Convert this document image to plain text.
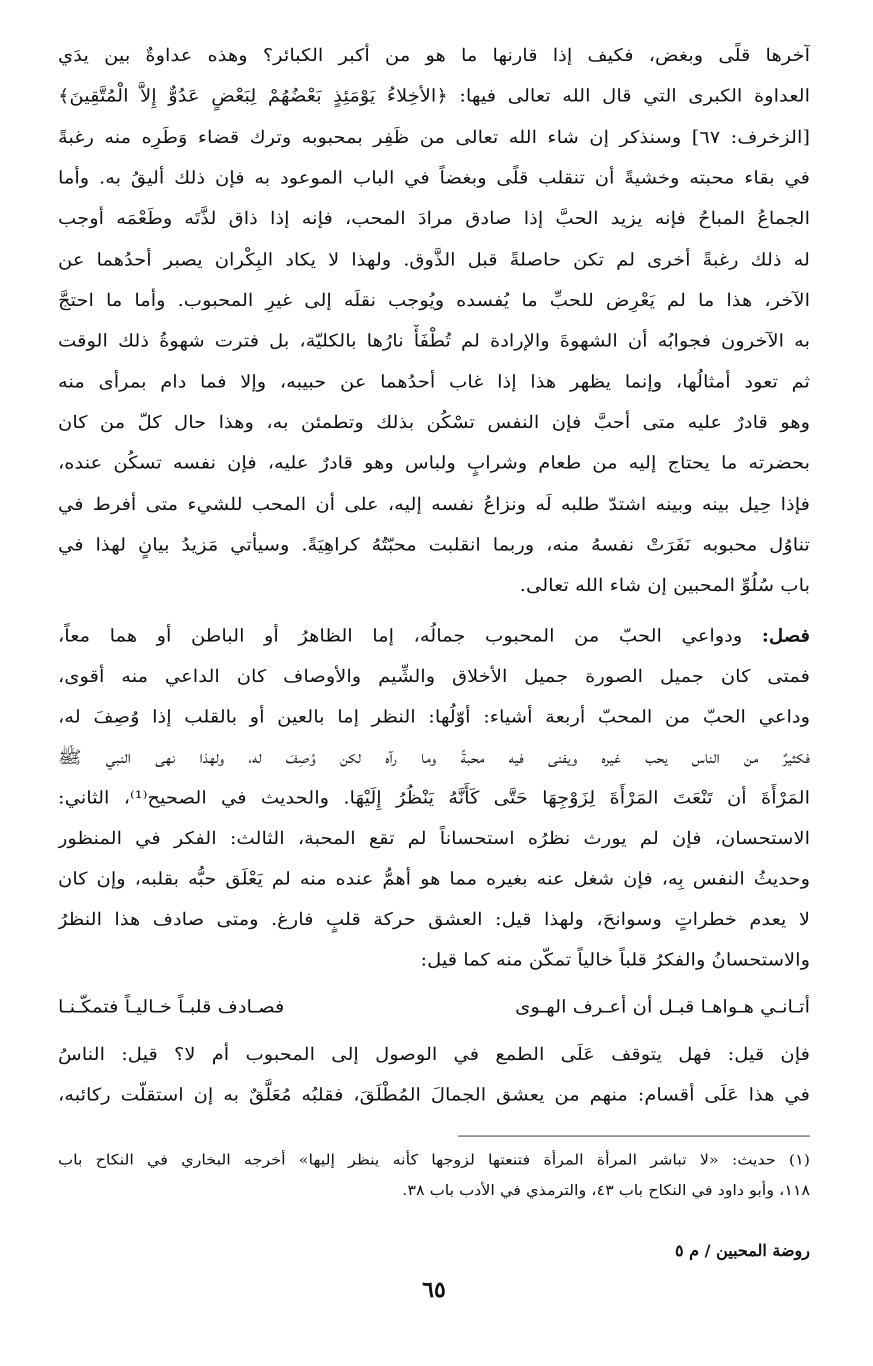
آخرها قلًى وبغض، فكيف إذا قارنها ما هو من أكبر الكبائر؟ وهذه عداوةٌ بين يدَي
العداوة الكبرى التي قال الله تعالى فيها: ﴿الأخِلاءُ يَوْمَئِذٍ بَعْضُهُمْ لِبَعْضٍ عَدُوٌّ إِلاَّ الْمُتَّقِينَ﴾
[الزخرف: ٦٧] وسنذكر إن شاء الله تعالى من ظَفِر بمحبوبه وترك قضاء وَطَرِه منه رغبةً
في بقاء محبته وخشيةً أن تنقلب قلًى وبغضاً في الباب الموعود به فإن ذلك أليقُ به. وأما
الجماعُ المباحُ فإنه يزيد الحبَّ إذا صادق مرادَ المحب، فإنه إذا ذاق لذَّتَه وطَعْمَه أوجب
له ذلك رغبةً أخرى لم تكن حاصلةً قبل الذَّوق. ولهذا لا يكاد البِكْران يصبر أحدُهما عن
الآخر، هذا ما لم يَعْرِض للحبِّ ما يُفسده ويُوجب نقلَه إلى غيرِ المحبوب. وأما ما احتجَّ
به الآخرون فجوابُه أن الشهوةَ والإرادة لم تُطْفَأْ نارُها بالكليّة، بل فترت شهوةُ ذلك الوقت
ثم تعود أمثالُها، وإنما يظهر هذا إذا غاب أحدُهما عن حبيبه، وإلا فما دام بمرأى منه
وهو قادرٌ عليه متى أحبَّ فإن النفس تسْكُن بذلك وتطمئن به، وهذا حال كلّ من كان
بحضرته ما يحتاج إليه من طعام وشرابٍ ولباس وهو قادرٌ عليه، فإن نفسه تسكُن عنده،
فإذا حِيل بينه وبينه اشتدّ طلبه لَه ونزاعُ نفسه إليه، على أن المحب للشيء متى أفرط في
تناوُل محبوبه نَفَرَتْ نفسهُ منه، وربما انقلبت محبّتُهُ كراهِيَةً. وسيأتي مَزيدُ بيانٍ لهذا في
باب سُلُوِّ المحبين إن شاء الله تعالى.
فصل: ودواعي الحبّ من المحبوب جمالُه، إما الظاهرُ أو الباطن أو هما معاً،
فمتى كان جميل الصورة جميل الأخلاق والشِّيم والأوصاف كان الداعي منه أقوى،
وداعي الحبّ من المحبّ أربعة أشياء: أوّلُها: النظر إما بالعين أو بالقلب إذا وُصِفَ له،
فكثيرٌ من الناس يحب غيره ويفنى فيه محبةً وما رآه لكن وُصِفَ له، ولهذا نهى النبي ﷺ
المَرْأَةَ أن تَنْعَتَ المَرْأَةَ لِزَوْجِهَا حَتَّى كَأَنَّهُ يَنْظُرُ إِلَيْهَا. والحديث في الصحيح⁽¹⁾، الثاني:
الاستحسان، فإن لم يورث نظرُه استحساناً لم تقع المحبة، الثالث: الفكر في المنظور
وحديثُ النفس بِه، فإن شغل عنه بغيره مما هو أهمُّ عنده منه لم يَعْلَق حبُّه بقلبه، وإن كان
لا يعدم خطراتٍ وسوانحَ، ولهذا قيل: العشق حركة قلبٍ فارغ. ومتى صادف هذا النظرُ
والاستحسانُ والفكرُ قلباً خالياً تمكّن منه كما قيل:
أتـانـي هـواهـا قبـل أن أعـرف الهـوى
فصـادف قلبـاً خـاليـاً فتمكّـنـا
فإن قيل: فهل يتوقف عَلَى الطمع في الوصول إلى المحبوب أم لا؟ قيل: الناسُ
في هذا عَلَى أقسام: منهم من يعشق الجمالَ المُطْلَقَ، فقلبُه مُعَلَّقٌ به إن استقلّت ركائبه،
(١) حديث: «لا تباشر المرأة المرأة فتنعتها لزوجها كأنه ينظر إليها» أخرجه البخاري في النكاح باب
١١٨، وأبو داود في النكاح باب ٤٣، والترمذي في الأدب باب ٣٨.
روضة المحبين / م ٥
٦٥
